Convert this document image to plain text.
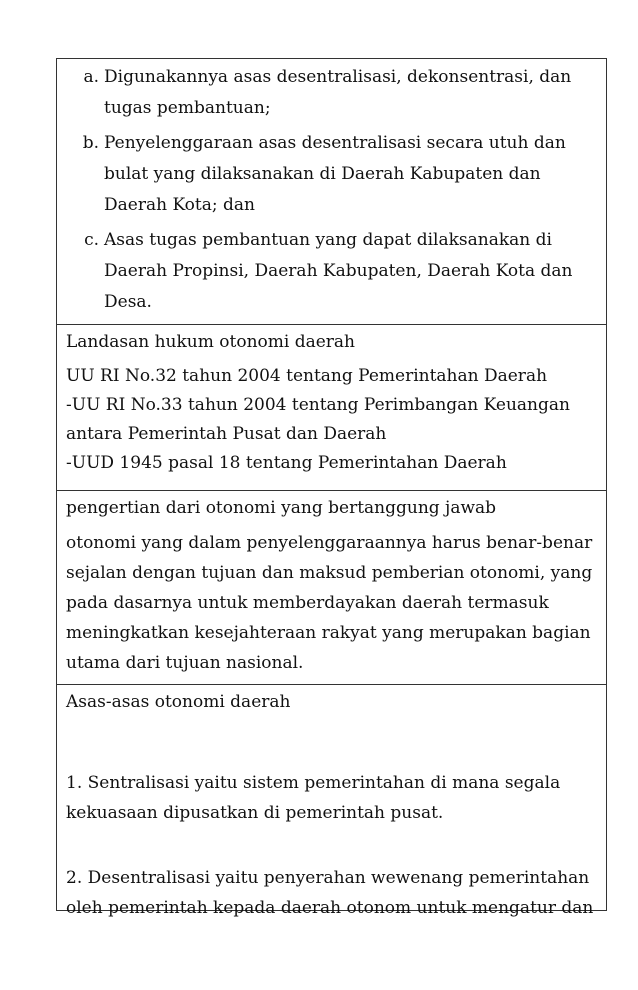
a. Digunakannya asas desentralisasi, dekonsentrasi, dan
tugas pembantuan;
b. Penyelenggaraan asas desentralisasi secara utuh dan
bulat yang dilaksanakan di Daerah Kabupaten dan
Daerah Kota; dan
c. Asas tugas pembantuan yang dapat dilaksanakan di
Daerah Propinsi, Daerah Kabupaten, Daerah Kota dan
Desa.

Landasan hukum otonomi daerah

UU RI No.32 tahun 2004 tentang Pemerintahan Daerah
-UU RI No.33 tahun 2004 tentang Perimbangan Keuangan
antara Pemerintah Pusat dan Daerah
-UUD 1945 pasal 18 tentang Pemerintahan Daerah

pengertian dari otonomi yang bertanggung jawab

otonomi yang dalam penyelenggaraannya harus benar-benar
sejalan dengan tujuan dan maksud pemberian otonomi, yang
pada dasarnya untuk memberdayakan daerah termasuk
meningkatkan kesejahteraan rakyat yang merupakan bagian
utama dari tujuan nasional.

Asas-asas otonomi daerah

1. Sentralisasi yaitu sistem pemerintahan di mana segala
kekuasaan dipusatkan di pemerintah pusat.

2. Desentralisasi yaitu penyerahan wewenang pemerintahan
oleh pemerintah kepada daerah otonom untuk mengatur dan
